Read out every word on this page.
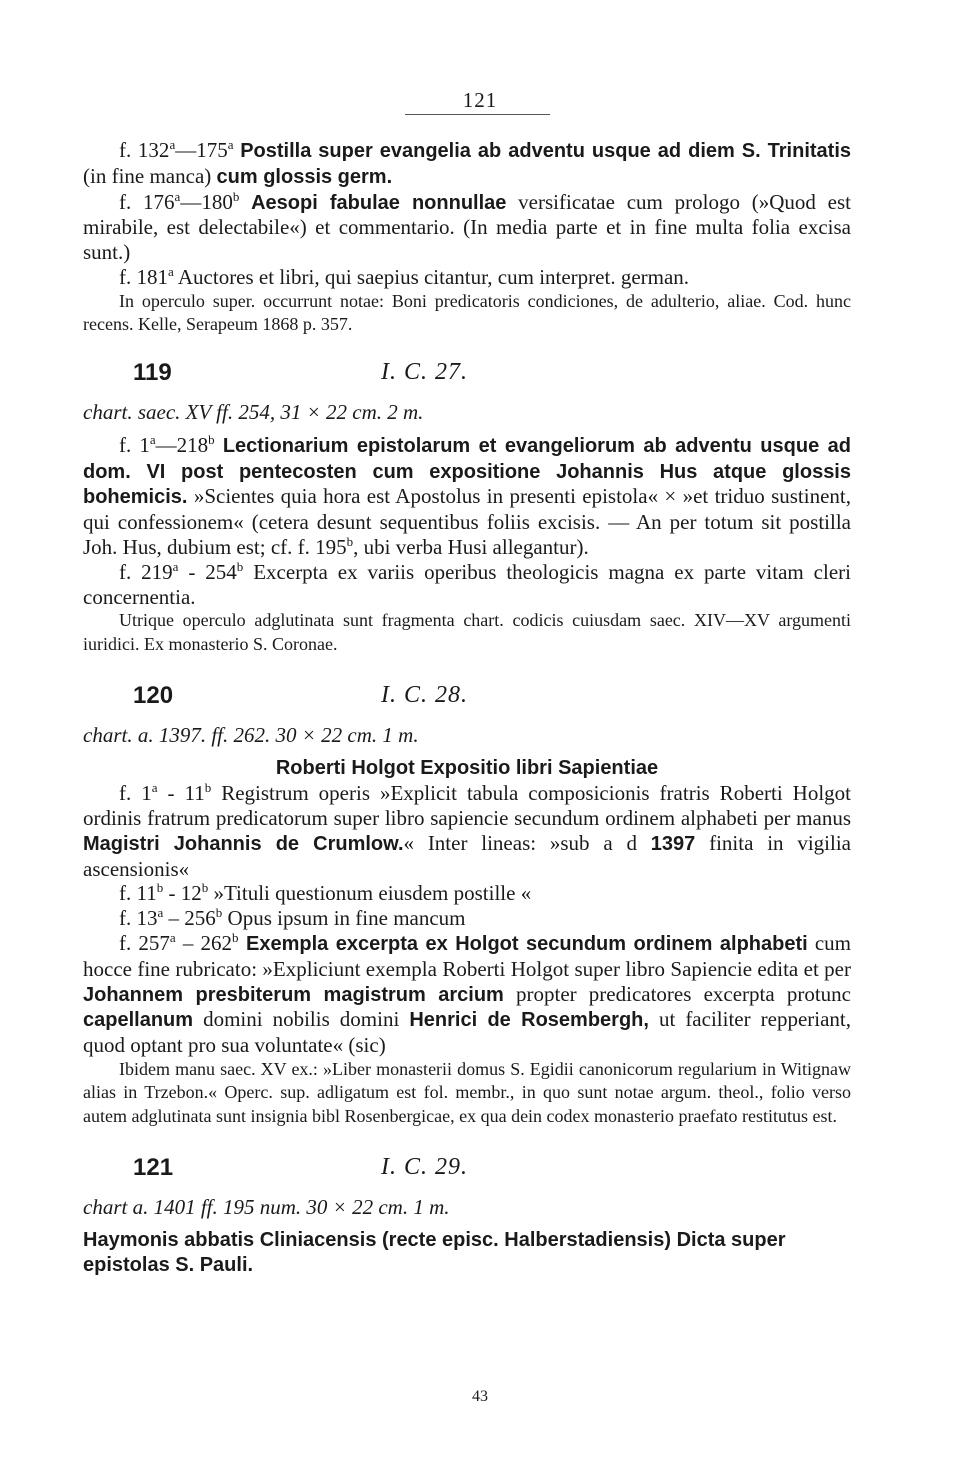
121

f. 132$^a$—175$^a$ Postilla super evangelia ab adventu usque ad diem S. Trinitatis (in fine manca) cum glossis germ.

f. 176$^a$—180$^b$ Aesopi fabulae nonnullae versificatae cum prologo (»Quod est mirabile, est delectabile«) et commentario. (In media parte et in fine multa folia excisa sunt.)

f. 181$^a$ Auctores et libri, qui saepius citantur, cum interpret. german.

In operculo super. occurrunt notae: Boni predicatoris condiciones, de adulterio, aliae. Cod. hunc recens. Kelle, Serapeum 1868 p. 357.

119	I. C. 27.

chart. saec. XV ff. 254, 31 × 22 cm. 2 m.

f. 1$^a$—218$^b$ Lectionarium epistolarum et evangeliorum ab adventu usque ad dom. VI post pentecosten cum expositione Johannis Hus atque glossis bohemicis. »Scientes quia hora est Apostolus in presenti epistola« × »et triduo sustinent, qui confessionem« (cetera desunt sequentibus foliis excisis. — An per totum sit postilla Joh. Hus, dubium est; cf. f. 195$^b$, ubi verba Husi allegantur).

f. 219$^a$ - 254$^b$ Excerpta ex variis operibus theologicis magna ex parte vitam cleri concernentia.

Utrique operculo adglutinata sunt fragmenta chart. codicis cuiusdam saec. XIV—XV argumenti iuridici. Ex monasterio S. Coronae.

120	I. C. 28.

chart. a. 1397. ff. 262. 30 × 22 cm. 1 m.

Roberti Holgot Expositio libri Sapientiae

f. 1$^a$ - 11$^b$ Registrum operis »Explicit tabula composicionis fratris Roberti Holgot ordinis fratrum predicatorum super libro sapiencie secundum ordinem alphabeti per manus Magistri Johannis de Crumlow.« Inter lineas: »sub a d 1397 finita in vigilia ascensionis«

f. 11$^b$ - 12$^b$ »Tituli questionum eiusdem postille «

f. 13$^a$ – 256$^b$ Opus ipsum in fine mancum

f. 257$^a$ – 262$^b$ Exempla excerpta ex Holgot secundum ordinem alphabeti cum hocce fine rubricato: »Expliciunt exempla Roberti Holgot super libro Sapiencie edita et per Johannem presbiterum magistrum arcium propter predicatores excerpta protunc capellanum domini nobilis domini Henrici de Rosembergh, ut faciliter repperiant, quod optant pro sua voluntate« (sic)

Ibidem manu saec. XV ex.: »Liber monasterii domus S. Egidii canonicorum regularium in Witignaw alias in Trzebon.« Operc. sup. adligatum est fol. membr., in quo sunt notae argum. theol., folio verso autem adglutinata sunt insignia bibl Rosenbergicae, ex qua dein codex monasterio praefato restitutus est.

121	I. C. 29.

chart a. 1401 ff. 195 num. 30 × 22 cm. 1 m.

Haymonis abbatis Cliniacensis (recte episc. Halberstadiensis) Dicta super epistolas S. Pauli.

43
